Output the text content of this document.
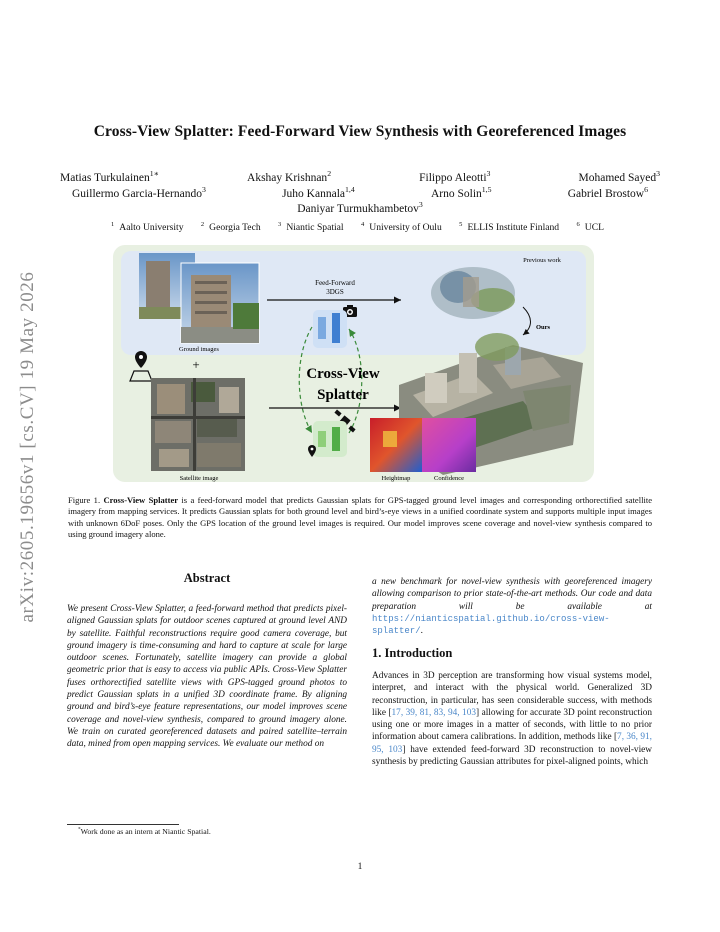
Cross-View Splatter: Feed-Forward View Synthesis with Georeferenced Images
Matias Turkulainen$^{1∗}$	Akshay Krishnan$^2$	Filippo Aleotti$^3$	Mohamed Sayed$^3$
Guillermo Garcia-Hernando$^3$	Juho Kannala$^{1,4}$	Arno Solin$^{1,5}$	Gabriel Brostow$^6$
Daniyar Turmukhambetov$^3$
$^1$ Aalto University	$^2$ Georgia Tech	$^3$ Niantic Spatial	$^4$ University of Oulu	$^5$ ELLIS Institute Finland	$^6$ UCL
arXiv:2605.19656v1 [cs.CV] 19 May 2026	Ground images
+
Satellite image
Feed-Forward
3DGS
Cross-View
Splatter
Previous work
Ours
Heightmap	Confidence
Figure 1. Cross-View Splatter is a feed-forward model that predicts Gaussian splats for GPS-tagged ground level images and corresponding orthorectified satellite imagery from mapping services. It predicts Gaussian splats for both ground level and bird’s-eye views in a unified coordinate system and supports multiple input images with unknown 6DoF poses. Only the GPS location of the ground level images is required. Our model improves scene coverage and novel-view synthesis compared to using ground imagery alone.
Abstract
We present Cross-View Splatter, a feed-forward method that predicts pixel-aligned Gaussian splats for outdoor scenes captured at ground level AND by satellite. Faithful reconstructions require good camera coverage, but ground imagery is time-consuming and hard to capture at scale for large outdoor scenes. Fortunately, satellite imagery can provide a global geometric prior that is easy to access via public APIs. Cross-View Splatter fuses orthorectified satellite views with GPS-tagged ground photos to predict Gaussian splats in a unified 3D coordinate frame. By aligning ground and bird’s-eye feature representations, our model improves scene coverage and novel-view synthesis, compared to ground imagery alone. We train on curated georeferenced datasets and paired satellite–terrain data, mined from open mapping services. We evaluate our method on
a new benchmark for novel-view synthesis with georeferenced imagery allowing comparison to prior state-of-the-art methods. Our code and data preparation will be available at https://nianticspatial.github.io/cross-view-splatter/.
1. Introduction
Advances in 3D perception are transforming how visual systems model, interpret, and interact with the physical world. Generalized 3D reconstruction, in particular, has seen considerable success, with methods like [17, 39, 81, 83, 94, 103] allowing for accurate 3D point reconstruction using one or more images in a matter of seconds, with little to no prior information about camera calibrations. In addition, methods like [7, 36, 91, 95, 103] have extended feed-forward 3D reconstruction to novel-view synthesis by predicting Gaussian attributes for pixel-aligned points, which
*Work done as an intern at Niantic Spatial.
1
